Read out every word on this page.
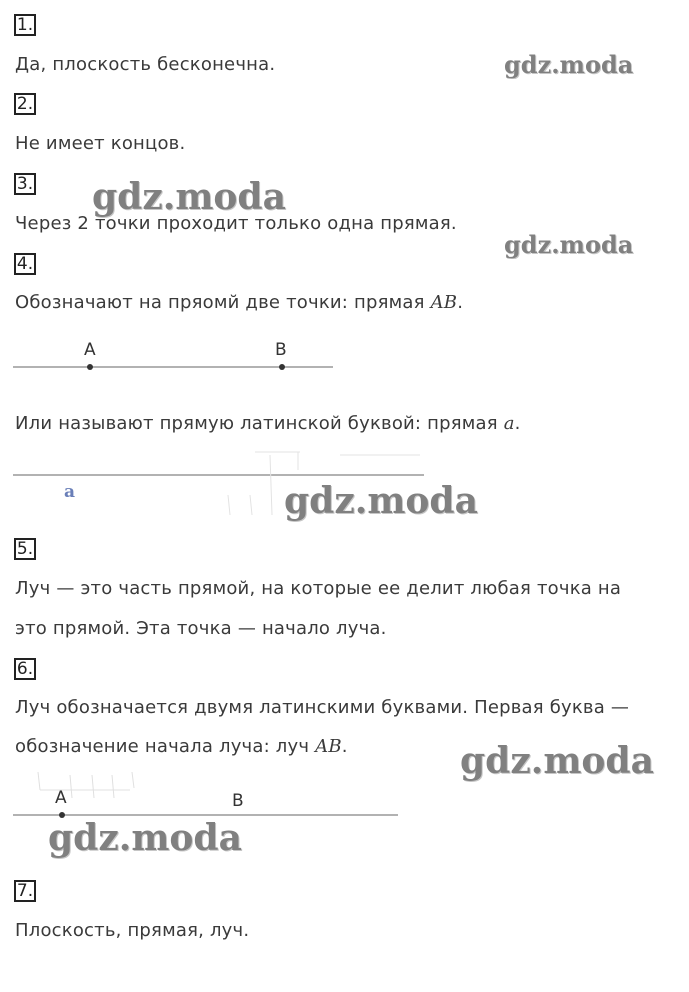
1.
Да, плоскость бесконечна.
2.
Не имеет концов.
3.
Через 2 точки проходит только одна прямая.
4.
Обозначают на пряомй две точки: прямая AB.
A	B
Или называют прямую латинской буквой: прямая a.
a
5.
Луч — это часть прямой, на которые ее делит любая точка на
это прямой. Эта точка — начало луча.
6.
Луч обозначается двумя латинскими буквами. Первая буква —
обозначение начала луча: луч AB.
A	B
7.
Плоскость, прямая, луч.
gdz.moda
gdz.moda
gdz.moda
gdz.moda
gdz.moda
gdz.moda
